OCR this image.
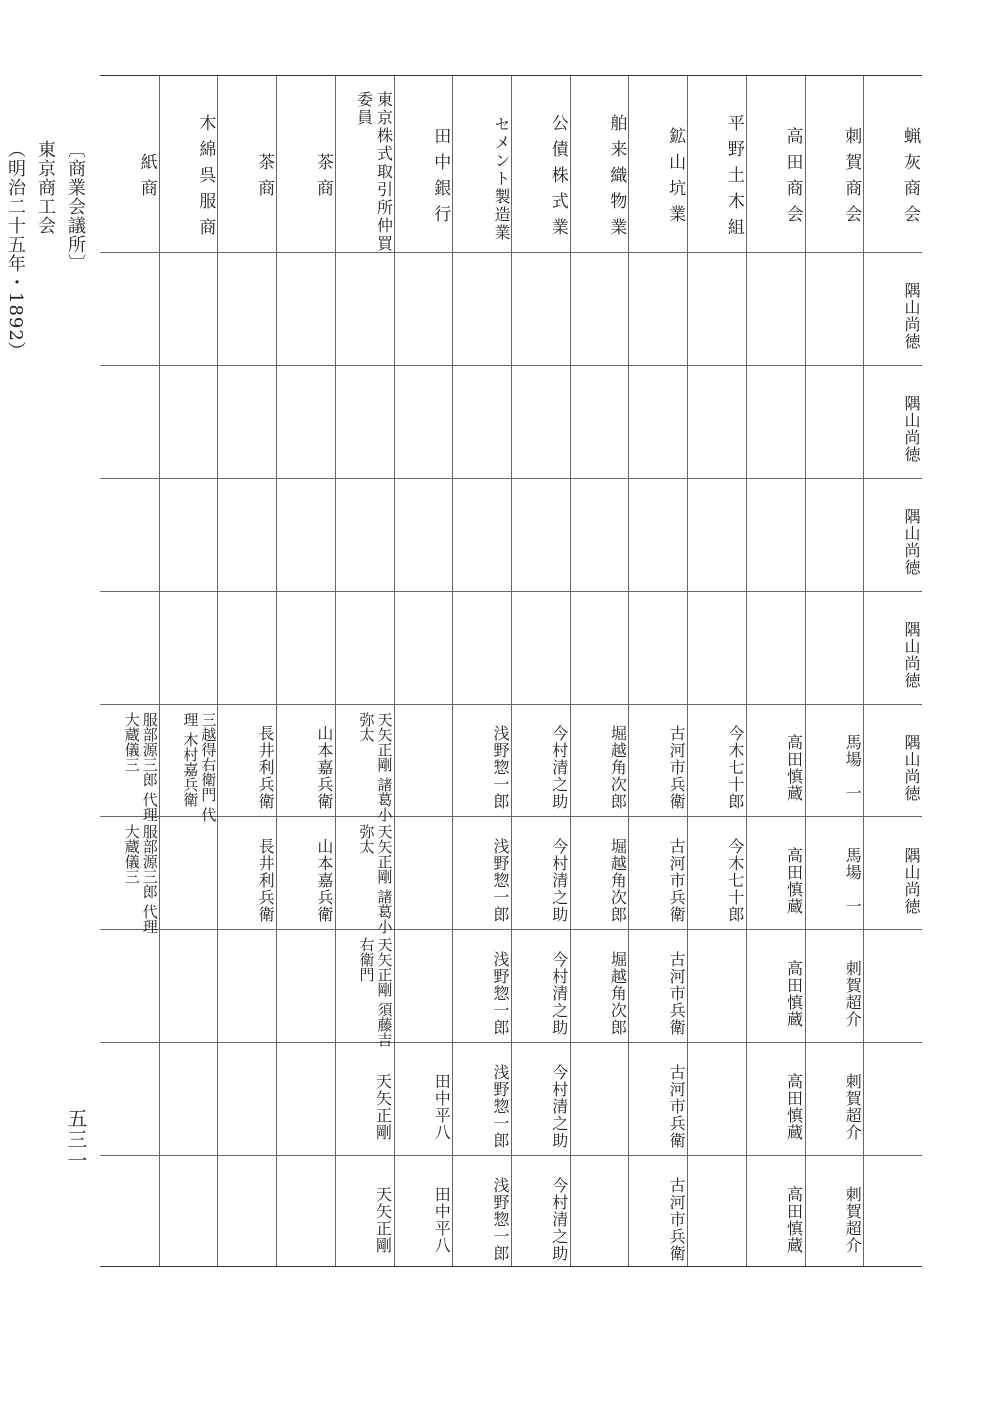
〔商業会議所〕
東京商工会
（明治二十五年・1892）
五三一
蝋灰商会
隅山尚徳
隅山尚徳
隅山尚徳
隅山尚徳
隅山尚徳
隅山尚徳
刺賀商会
馬場　一
馬場　一
刺賀超介
刺賀超介
刺賀超介
高田商会
高田慎蔵
高田慎蔵
高田慎蔵
高田慎蔵
高田慎蔵
平野土木組
今木七十郎
今木七十郎
鉱山坑業
古河市兵衛
古河市兵衛
古河市兵衛
古河市兵衛
古河市兵衛
舶来織物業
堀越角次郎
堀越角次郎
堀越角次郎
公債株式業
今村清之助
今村清之助
今村清之助
今村清之助
今村清之助
セメント製造業
浅野惣一郎
浅野惣一郎
浅野惣一郎
浅野惣一郎
浅野惣一郎
田中銀行
田中平八
田中平八
東京株式取引所仲買委員
天矢正剛 諸葛小弥太
天矢正剛 諸葛小弥太
天矢正剛 須藤吉右衛門
天矢正剛
天矢正剛
茶商
山本嘉兵衛
山本嘉兵衛
茶商
長井利兵衛
長井利兵衛
木綿呉服商
三越得右衛門 代理 木村嘉兵衛
紙商
服部源三郎 代理 大蔵儀三
服部源三郎 代理 大蔵儀三
